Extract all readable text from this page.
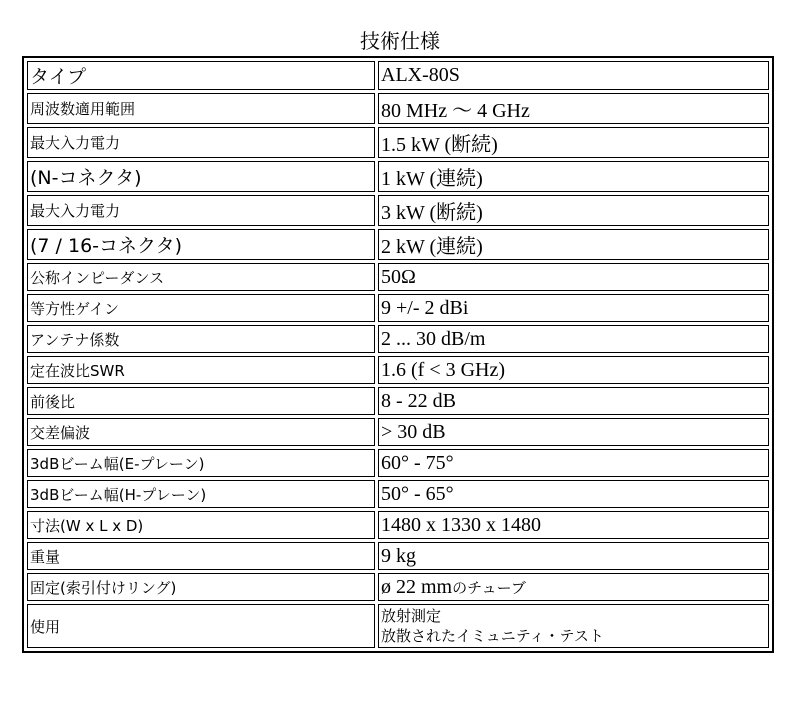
技術仕様
タイプ	ALX-80S
周波数適用範囲	80 MHz 〜 4 GHz
最大入力電力	1.5 kW (断続)
(N-コネクタ)	1 kW (連続)
最大入力電力	3 kW (断続)
(7 / 16-コネクタ)	2 kW (連続)
公称インピーダンス	50Ω
等方性ゲイン	9 +/- 2 dBi
アンテナ係数	2 ... 30 dB/m
定在波比SWR	1.6 (f < 3 GHz)
前後比	8 - 22 dB
交差偏波	> 30 dB
3dBビーム幅(E-プレーン)	60° - 75°
3dBビーム幅(H-プレーン)	50° - 65°
寸法(W x L x D)	1480 x 1330 x 1480
重量	9 kg
固定(索引付けリング)	ø 22 mmのチューブ
使用	放射測定
放散されたイミュニティ・テスト
